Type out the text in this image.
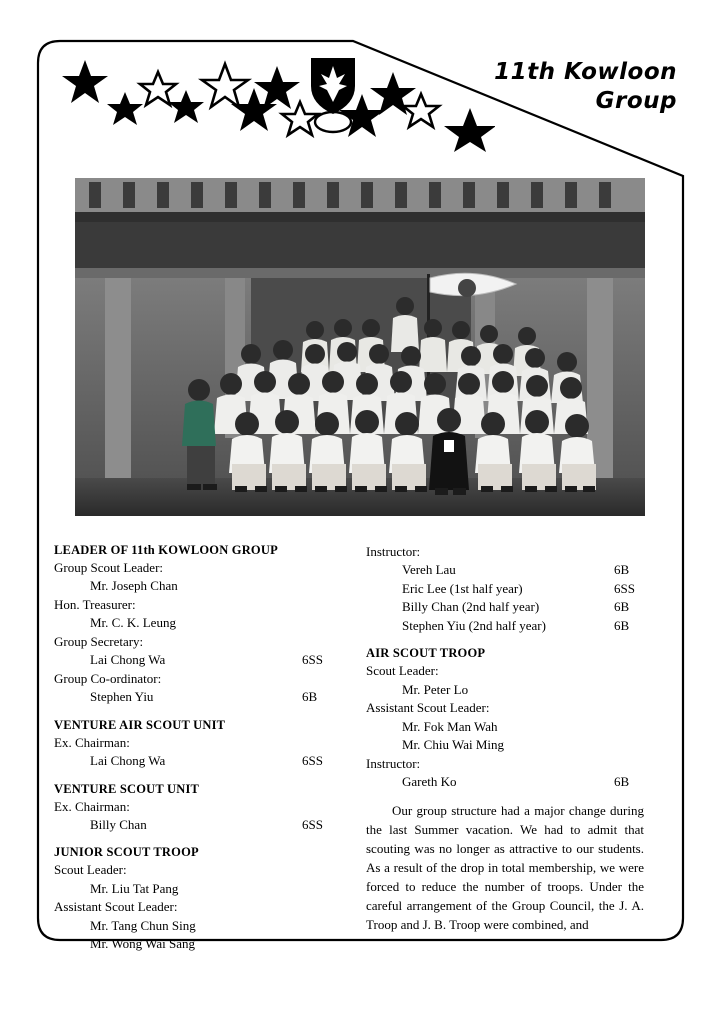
11th Kowloon
Group
LEADER OF 11th KOWLOON GROUP
Group Scout Leader:
Mr. Joseph Chan
Hon. Treasurer:
Mr. C. K. Leung
Group Secretary:
Lai Chong Wa	6SS
Group Co-ordinator:
Stephen Yiu	6B
VENTURE AIR SCOUT UNIT
Ex. Chairman:
Lai Chong Wa	6SS
VENTURE SCOUT UNIT
Ex. Chairman:
Billy Chan	6SS
JUNIOR SCOUT TROOP
Scout Leader:
Mr. Liu Tat Pang
Assistant Scout Leader:
Mr. Tang Chun Sing
Mr. Wong Wai Sang
Instructor:
Vereh Lau	6B
Eric Lee (1st half year)	6SS
Billy Chan (2nd half year)	6B
Stephen Yiu (2nd half year)	6B
AIR SCOUT TROOP
Scout Leader:
Mr. Peter Lo
Assistant Scout Leader:
Mr. Fok Man Wah
Mr. Chiu Wai Ming
Instructor:
Gareth Ko	6B

Our group structure had a major change during the last Summer vacation. We had to admit that scouting was no longer as attractive to our students. As a result of the drop in total membership, we were forced to reduce the number of troops. Under the careful arrangement of the Group Council, the J. A. Troop and J. B. Troop were combined, and
